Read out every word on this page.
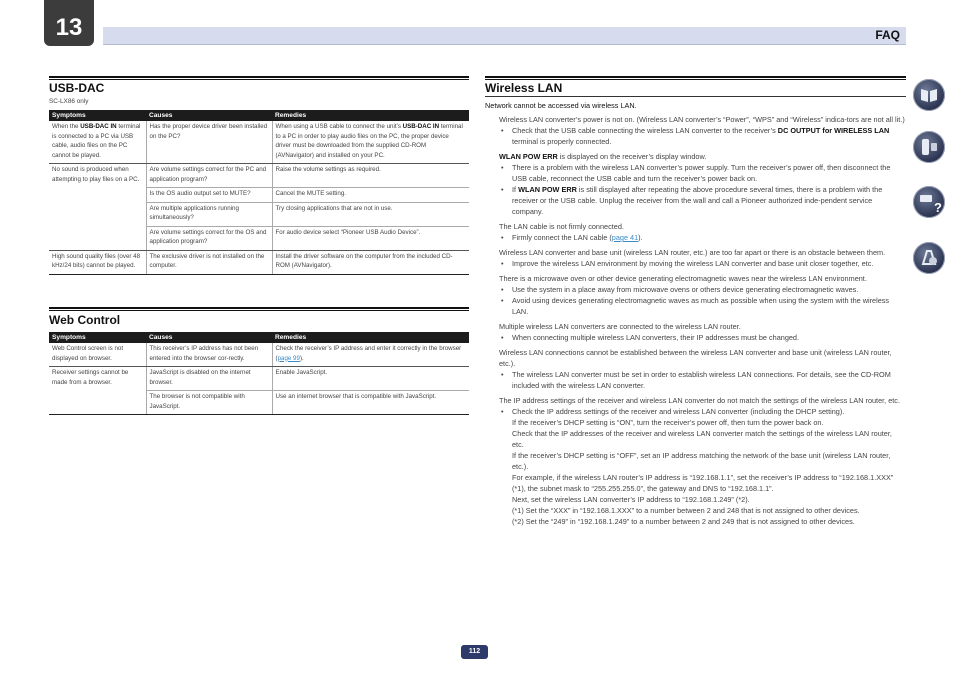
13	FAQ
USB-DAC
SC-LX86 only
Symptoms	Causes	Remedies
When the USB-DAC IN terminal is connected to a PC via USB cable, audio files on the PC cannot be played.	Has the proper device driver been installed on the PC?	When using a USB cable to connect the unit’s USB-DAC IN terminal to a PC in order to play audio files on the PC, the proper device driver must be downloaded from the supplied CD-ROM (AVNavigator) and installed on your PC.
No sound is produced when attempting to play files on a PC.	Are volume settings correct for the PC and application program?	Raise the volume settings as required.
	Is the OS audio output set to MUTE?	Cancel the MUTE setting.
	Are multiple applications running simultaneously?	Try closing applications that are not in use.
	Are volume settings correct for the OS and application program?	For audio device select “Pioneer USB Audio Device”.
High sound quality files (over 48 kHz/24 bits) cannot be played.	The exclusive driver is not installed on the computer.	Install the driver software on the computer from the included CD-ROM (AVNavigator).
Web Control
Symptoms	Causes	Remedies
Web Control screen is not displayed on browser.	This receiver’s IP address has not been entered into the browser cor-rectly.	Check the receiver’s IP address and enter it correctly in the browser (page 99).
Receiver settings cannot be made from a browser.	JavaScript is disabled on the internet browser.	Enable JavaScript.
	The browser is not compatible with JavaScript.	Use an internet browser that is compatible with JavaScript.
Wireless LAN

Network cannot be accessed via wireless LAN.

Wireless LAN converter’s power is not on. (Wireless LAN converter’s “Power”, “WPS” and “Wireless” indica-tors are not all lit.)

• Check that the USB cable connecting the wireless LAN converter to the receiver’s DC OUTPUT for WIRELESS LAN terminal is properly connected.

WLAN POW ERR is displayed on the receiver’s display window.

• There is a problem with the wireless LAN converter’s power supply. Turn the receiver’s power off, then disconnect the USB cable, reconnect the USB cable and turn the receiver’s power back on.

• If WLAN POW ERR is still displayed after repeating the above procedure several times, there is a problem with the receiver or the USB cable. Unplug the receiver from the wall and call a Pioneer authorized inde-pendent service company.

The LAN cable is not firmly connected.

• Firmly connect the LAN cable (page 41).

Wireless LAN converter and base unit (wireless LAN router, etc.) are too far apart or there is an obstacle between them.

• Improve the wireless LAN environment by moving the wireless LAN converter and base unit closer together, etc.

There is a microwave oven or other device generating electromagnetic waves near the wireless LAN environment.

• Use the system in a place away from microwave ovens or others device generating electromagnetic waves.

• Avoid using devices generating electromagnetic waves as much as possible when using the system with the wireless LAN.

Multiple wireless LAN converters are connected to the wireless LAN router.

• When connecting multiple wireless LAN converters, their IP addresses must be changed.

Wireless LAN connections cannot be established between the wireless LAN converter and base unit (wireless LAN router, etc.).

• The wireless LAN converter must be set in order to establish wireless LAN connections. For details, see the CD-ROM included with the wireless LAN converter.

The IP address settings of the receiver and wireless LAN converter do not match the settings of the wireless LAN router, etc.

• Check the IP address settings of the receiver and wireless LAN converter (including the DHCP setting).

If the receiver’s DHCP setting is “ON”, turn the receiver’s power off, then turn the power back on.

Check that the IP addresses of the receiver and wireless LAN converter match the settings of the wireless LAN router, etc.

If the receiver’s DHCP setting is “OFF”, set an IP address matching the network of the base unit (wireless LAN router, etc.).

For example, if the wireless LAN router’s IP address is “192.168.1.1”, set the receiver’s IP address to “192.168.1.XXX” (*1), the subnet mask to “255.255.255.0”, the gateway and DNS to “192.168.1.1”.

Next, set the wireless LAN converter’s IP address to “192.168.1.249” (*2).

(*1) Set the “XXX” in “192.168.1.XXX” to a number between 2 and 248 that is not assigned to other devices.

(*2) Set the “249” in “192.168.1.249” to a number between 2 and 249 that is not assigned to other devices.

?
112
